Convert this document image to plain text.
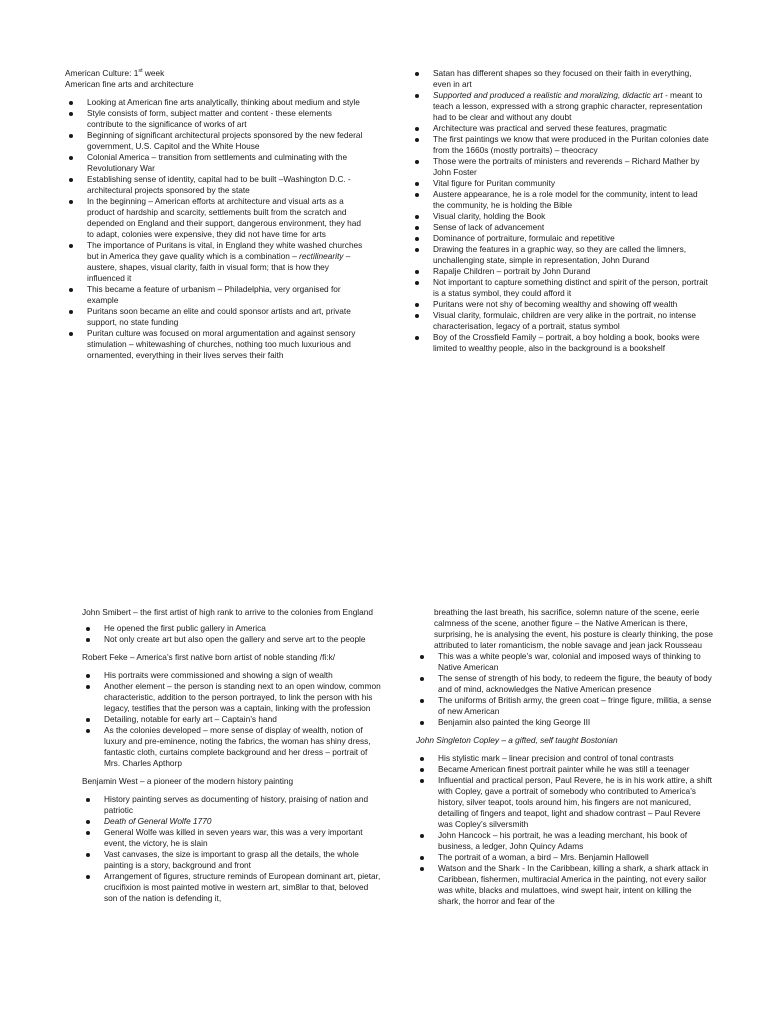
American Culture: 1st week

American fine arts and architecture

Looking at American fine arts analytically, thinking about medium and style
Style consists of form, subject matter and content - these elements contribute to the significance of works of art
Beginning of significant architectural projects sponsored by the new federal government, U.S. Capitol and the White House
Colonial America – transition from settlements and culminating with the Revolutionary War
Establishing sense of identity, capital had to be built –Washington D.C. - architectural projects sponsored by the state
In the beginning – American efforts at architecture and visual arts as a product of hardship and scarcity, settlements built from the scratch and depended on England and their support, dangerous environment, they had to adapt, colonies were expensive, they did not have time for arts
The importance of Puritans is vital, in England they white washed churches but in America they gave quality which is a combination – rectilinearity – austere, shapes, visual clarity, faith in visual form; that is how they influenced it
This became a feature of urbanism – Philadelphia, very organised for example
Puritans soon became an elite and could sponsor artists and art, private support, no state funding
Puritan culture was focused on moral argumentation and against sensory stimulation – whitewashing of churches, nothing too much luxurious and ornamented, everything in their lives serves their faith
Satan has different shapes so they focused on their faith in everything, even in art
Supported and produced a realistic and moralizing, didactic art - meant to teach a lesson, expressed with a strong graphic character, representation had to be clear and without any doubt
Architecture was practical and served these features, pragmatic
The first paintings we know that were produced in the Puritan colonies date from the 1660s (mostly portraits) – theocracy
Those were the portraits of ministers and reverends – Richard Mather by John Foster
Vital figure for Puritan community
Austere appearance, he is a role model for the community, intent to lead the community, he is holding the Bible
Visual clarity, holding the Book
Sense of lack of advancement
Dominance of portraiture, formulaic and repetitive
Drawing the features in a graphic way, so they are called the limners, unchallenging state, simple in representation, John Durand
Rapalje Children – portrait by John Durand
Not important to capture something distinct and spirit of the person, portrait is a status symbol, they could afford it
Puritans were not shy of becoming wealthy and showing off wealth
Visual clarity, formulaic, children are very alike in the portrait, no intense characterisation, legacy of a portrait, status symbol
Boy of the Crossfield Family – portrait, a boy holding a book, books were limited to wealthy people, also in the background is a bookshelf

John Smibert – the first artist of high rank to arrive to the colonies from England

He opened the first public gallery in America
Not only create art but also open the gallery and serve art to the people

Robert Feke – America’s first native born artist of noble standing /fi:k/

His portraits were commissioned and showing a sign of wealth
Another element – the person is standing next to an open window, common characteristic, addition to the person portrayed, to link the person with his legacy, testifies that the person was a captain, linking with the profession
Detailing, notable for early art – Captain’s hand
As the colonies developed – more sense of display of wealth, notion of luxury and pre-eminence, noting the fabrics, the woman has shiny dress, fantastic cloth, curtains complete background and her dress – portrait of Mrs. Charles Apthorp

Benjamin West – a pioneer of the modern history painting

History painting serves as documenting of history, praising of nation and patriotic
Death of General Wolfe 1770
General Wolfe was killed in seven years war, this was a very important event, the victory, he is slain
Vast canvases, the size is important to grasp all the details, the whole painting is a story, background and front
Arrangement of figures, structure reminds of European dominant art, pietar, crucifixion is most painted motive in western art, sim8lar to that, beloved son of the nation is defending it,

breathing the last breath, his sacrifice, solemn nature of the scene, eerie calmness of the scene, another figure – the Native American is there, surprising, he is analysing the event, his posture is clearly thinking, the pose attributed to later romanticism, the noble savage and jean jack Rousseau

This was a white people’s war, colonial and imposed ways of thinking to Native American
The sense of strength of his body, to redeem the figure, the beauty of body and of mind, acknowledges the Native American presence
The uniforms of British army, the green coat – fringe figure, militia, a sense of new American
Benjamin also painted the king George III

John Singleton Copley – a gifted, self taught Bostonian

His stylistic mark – linear precision and control of tonal contrasts
Became American finest portrait painter while he was still a teenager
Influential and practical person, Paul Revere, he is in his work attire, a shift with Copley, gave a portrait of somebody who contributed to America’s history, silver teapot, tools around him, his fingers are not manicured, detailing of fingers and teapot, light and shadow contrast – Paul Revere was Copley’s silversmith
John Hancock – his portrait, he was a leading merchant, his book of business, a ledger, John Quincy Adams
The portrait of a woman, a bird – Mrs. Benjamin Hallowell
Watson and the Shark - In the Caribbean, killing a shark, a shark attack in Caribbean, fishermen, multiracial America in the painting, not every sailor was white, blacks and mulattoes, wind swept hair, intent on killing the shark, the horror and fear of the
